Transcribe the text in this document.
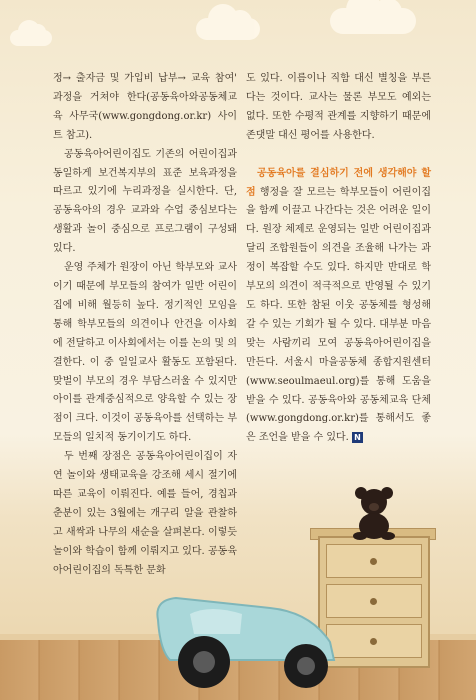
정→ 출자금 및 가입비 납부→ 교육 참여' 과정을 거쳐야 한다(공동육아와공동체교육 사무국(www.gongdong.or.kr) 사이트 참고).

공동육아어린이집도 기존의 어린이집과 동일하게 보건복지부의 표준 보육과정을 따르고 있기에 누리과정을 실시한다. 단, 공동육아의 경우 교과와 수업 중심보다는 생활과 놀이 중심으로 프로그램이 구성돼 있다.

운영 주체가 원장이 아닌 학부모와 교사이기 때문에 부모들의 참여가 일반 어린이집에 비해 월등히 높다. 정기적인 모임을 통해 학부모들의 의견이나 안건을 이사회에 전달하고 이사회에서는 이를 논의 및 의결한다. 이 중 일일교사 활동도 포함된다. 맞벌이 부모의 경우 부담스러울 수 있지만 아이를 관계중심적으로 양육할 수 있는 장점이 크다. 이것이 공동육아를 선택하는 부모들의 일치적 동기이기도 하다.

두 번째 장점은 공동육아어린이집이 자연 놀이와 생태교육을 강조해 세시 절기에 따른 교육이 이뤄진다. 예를 들어, 경칩과 춘분이 있는 3월에는 개구리 알을 관찰하고 새싹과 나무의 새순을 살펴본다. 이렇듯 놀이와 학습이 함께 이뤄지고 있다. 공동육아어린이집의 독특한 문화

도 있다. 이름이나 직함 대신 별칭을 부른다는 것이다. 교사는 물론 부모도 예외는 없다. 또한 수평적 관계를 지향하기 때문에 존댓말 대신 평어를 사용한다.

공동육아를 결심하기 전에 생각해야 할 점 행정을 잘 모르는 학부모들이 어린이집을 함께 이끌고 나간다는 것은 어려운 일이다. 원장 체제로 운영되는 일반 어린이집과 달리 조합원들이 의견을 조율해 나가는 과정이 복잡할 수도 있다. 하지만 반대로 학부모의 의견이 적극적으로 반영될 수 있기도 하다. 또한 참된 이웃 공동체를 형성해갈 수 있는 기회가 될 수 있다. 대부분 마음 맞는 사람끼리 모여 공동육아어린이집을 만든다. 서울시 마을공동체 종합지원센터(www.seoulmaeul.org)를 통해 도움을 받을 수 있다. 공동육아와 공동체교육 단체(www.gongdong.or.kr)를 통해서도 좋은 조언을 받을 수 있다. N
